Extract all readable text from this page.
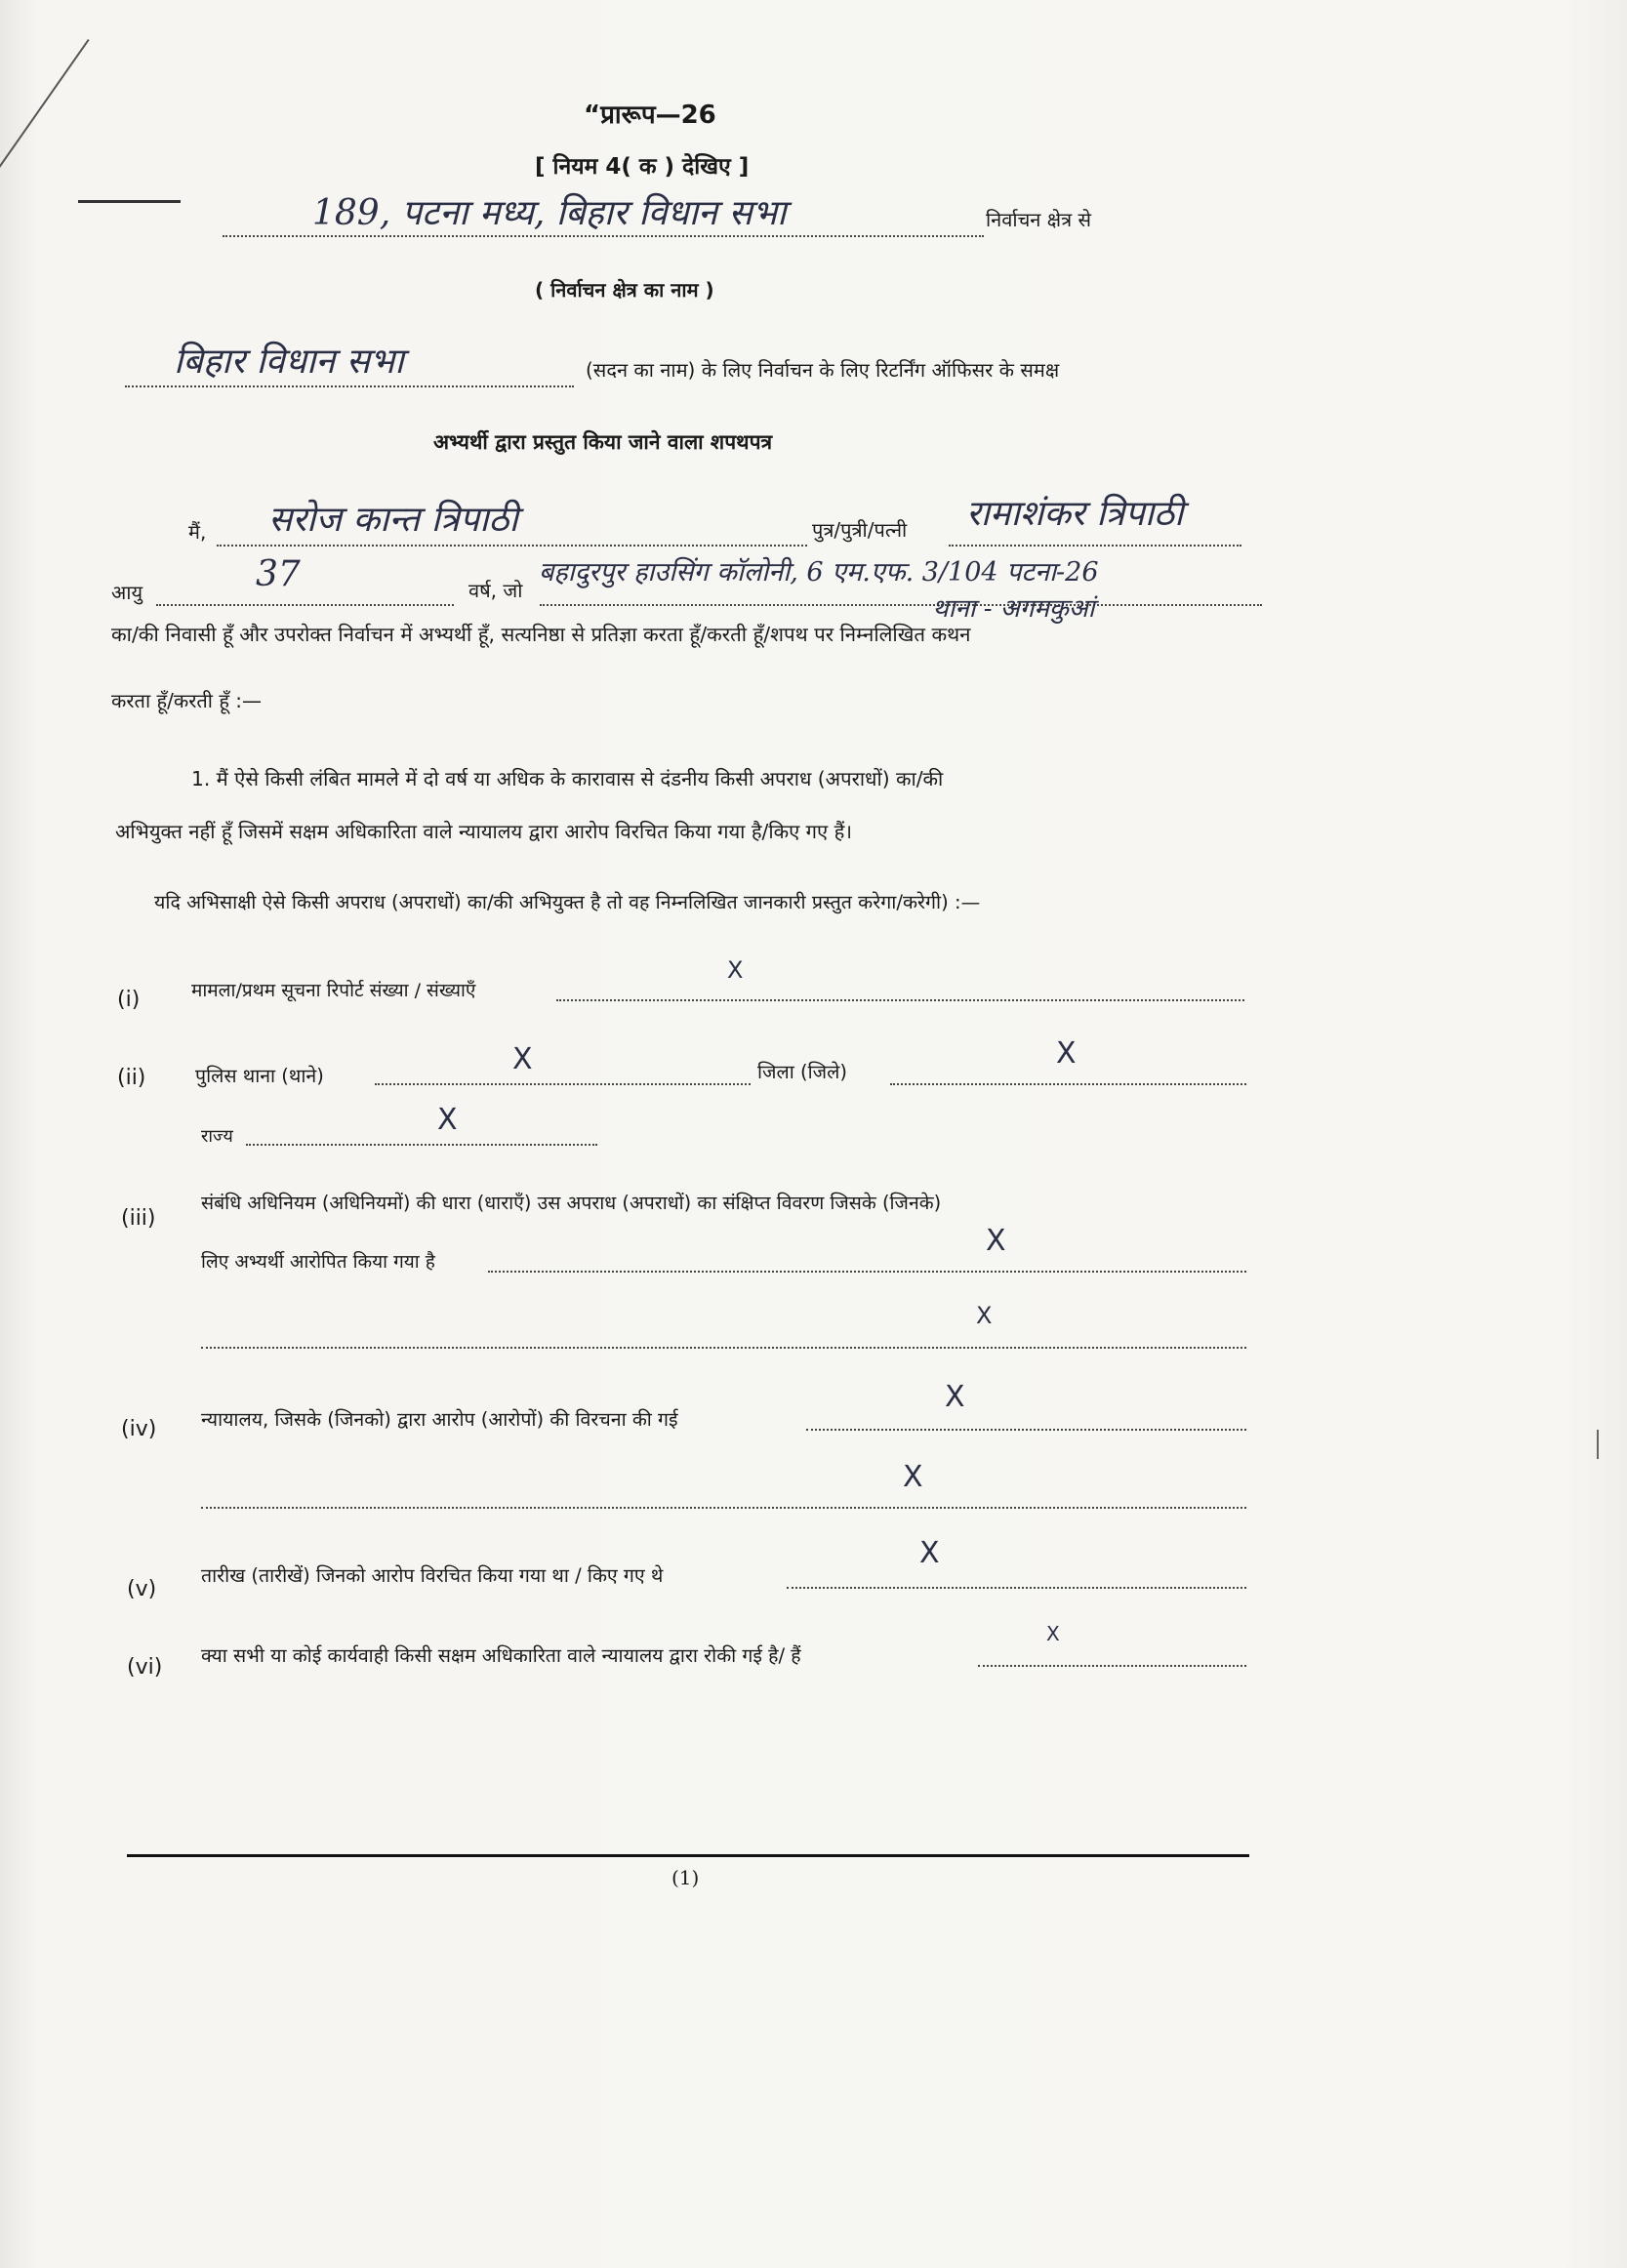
“प्रारूप—26
[ नियम 4( क ) देखिए ]
189, पटना मध्य, बिहार विधान सभा	निर्वाचन क्षेत्र से
( निर्वाचन क्षेत्र का नाम )
बिहार विधान सभा	(सदन का नाम) के लिए निर्वाचन के लिए रिटर्निंग ऑफिसर के समक्ष
अभ्यर्थी द्वारा प्रस्तुत किया जाने वाला शपथपत्र
मैं, सरोज कान्त त्रिपाठी	पुत्र/पुत्री/पत्नी रामाशंकर त्रिपाठी
आयु	37	वर्ष, जो
बहादुरपुर हाउसिंग कॉलोनी, 6 एम.एफ. 3/104 पटना-26
थाना - अगमकुआं
का/की निवासी हूँ और उपरोक्त निर्वाचन में अभ्यर्थी हूँ, सत्यनिष्ठा से प्रतिज्ञा करता हूँ/करती हूँ/शपथ पर निम्नलिखित कथन
करता हूँ/करती हूँ :—
1. मैं ऐसे किसी लंबित मामले में दो वर्ष या अधिक के कारावास से दंडनीय किसी अपराध (अपराधों) का/की
अभियुक्त नहीं हूँ जिसमें सक्षम अधिकारिता वाले न्यायालय द्वारा आरोप विरचित किया गया है/किए गए हैं।
यदि अभिसाक्षी ऐसे किसी अपराध (अपराधों) का/की अभियुक्त है तो वह निम्नलिखित जानकारी प्रस्तुत करेगा/करेगी) :—
(i)	मामला/प्रथम सूचना रिपोर्ट संख्या / संख्याएँ
X
(ii)	पुलिस थाना (थाने)	X	जिला (जिले)
X
राज्य	X
(iii)
संबंधि अधिनियम (अधिनियमों) की धारा (धाराएँ) उस अपराध (अपराधों) का संक्षिप्त विवरण जिसके (जिनके)
लिए अभ्यर्थी आरोपित किया गया है
X
X
(iv) न्यायालय, जिसके (जिनको) द्वारा आरोप (आरोपों) की विरचना की गई
X
X
(v)
तारीख (तारीखें) जिनको आरोप विरचित किया गया था / किए गए थे
X
(vi) क्या सभी या कोई कार्यवाही किसी सक्षम अधिकारिता वाले न्यायालय द्वारा रोकी गई है/ हैं
X
(1)
